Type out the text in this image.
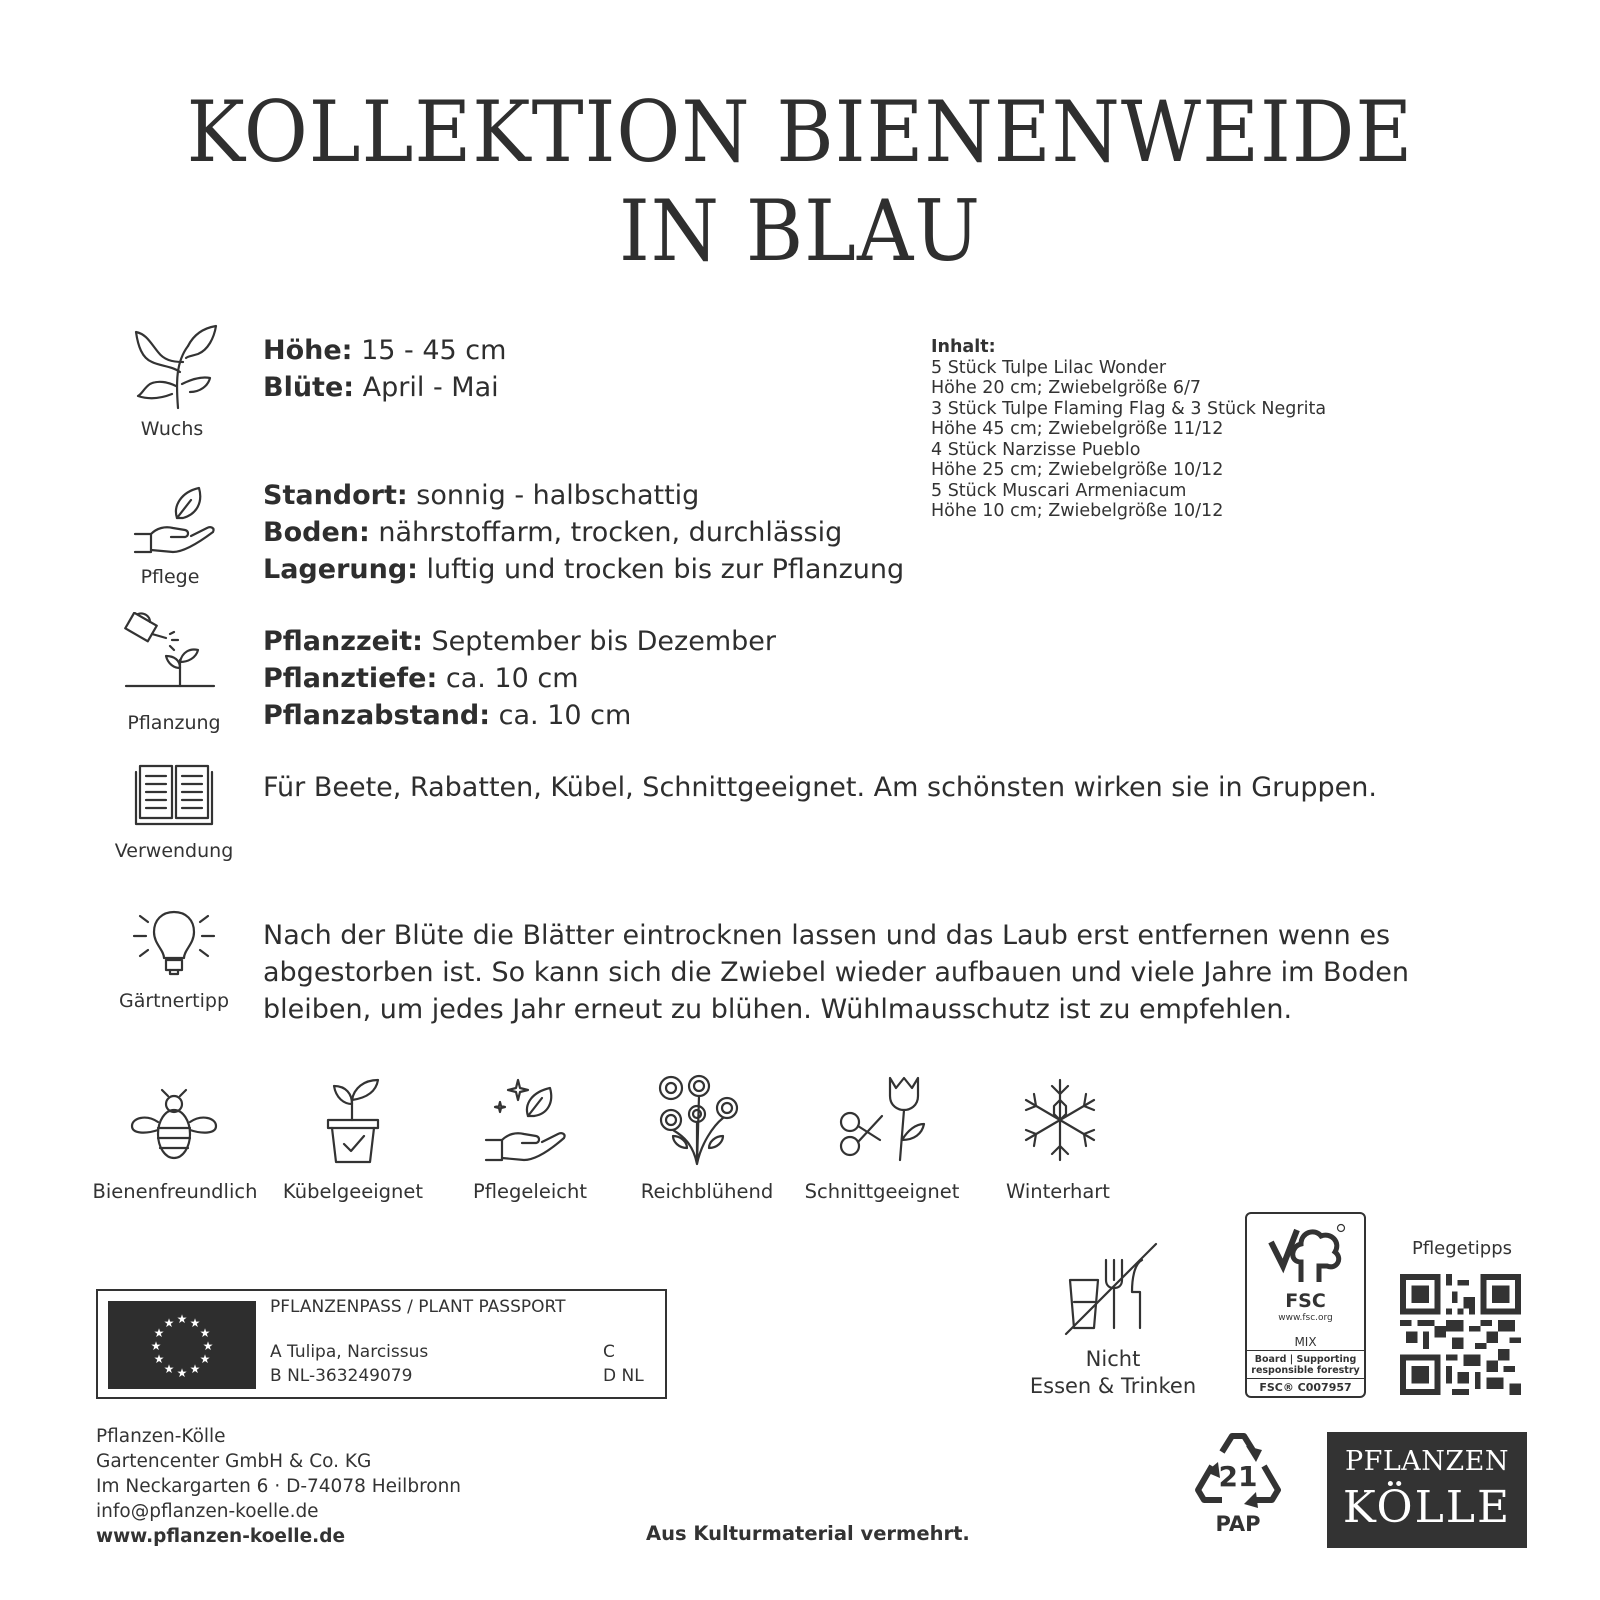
KOLLEKTION BIENENWEIDE
IN BLAU
Wuchs
Höhe: 15 - 45 cm
Blüte: April - Mai
Pflege
Standort: sonnig - halbschattig
Boden: nährstoffarm, trocken, durchlässig
Lagerung: luftig und trocken bis zur Pflanzung
Pflanzung
Pflanzzeit: September bis Dezember
Pflanztiefe: ca. 10 cm
Pflanzabstand: ca. 10 cm
Verwendung
Für Beete, Rabatten, Kübel, Schnittgeeignet. Am schönsten wirken sie in Gruppen.
Gärtnertipp
Nach der Blüte die Blätter eintrocknen lassen und das Laub erst entfernen wenn es
abgestorben ist. So kann sich die Zwiebel wieder aufbauen und viele Jahre im Boden
bleiben, um jedes Jahr erneut zu blühen. Wühlmausschutz ist zu empfehlen.
Inhalt:
5 Stück Tulpe Lilac Wonder
Höhe 20 cm; Zwiebelgröße 6/7
3 Stück Tulpe Flaming Flag & 3 Stück Negrita
Höhe 45 cm; Zwiebelgröße 11/12
4 Stück Narzisse Pueblo
Höhe 25 cm; Zwiebelgröße 10/12
5 Stück Muscari Armeniacum
Höhe 10 cm; Zwiebelgröße 10/12
Bienenfreundlich	Kübelgeeignet	Pflegeleicht	Reichblühend	Schnittgeeignet	Winterhart
★ ★
★
★
★
★
★
★
★
★
★
★
PFLANZENPASS / PLANT PASSPORT
A Tulipa, Narcissus
B NL-363249079
C
D NL
Pflanzen-Kölle
Gartencenter GmbH & Co. KG
Im Neckargarten 6 · D-74078 Heilbronn
info@pflanzen-koelle.de
www.pflanzen-koelle.de	Aus Kulturmaterial vermehrt.
Nicht
Essen & Trinken
FSC
www.fsc.org
MIX
Board | Supporting
responsible forestry
FSC® C007957
Pflegetipps
21
PAP
PFLANZEN
KÖLLE
